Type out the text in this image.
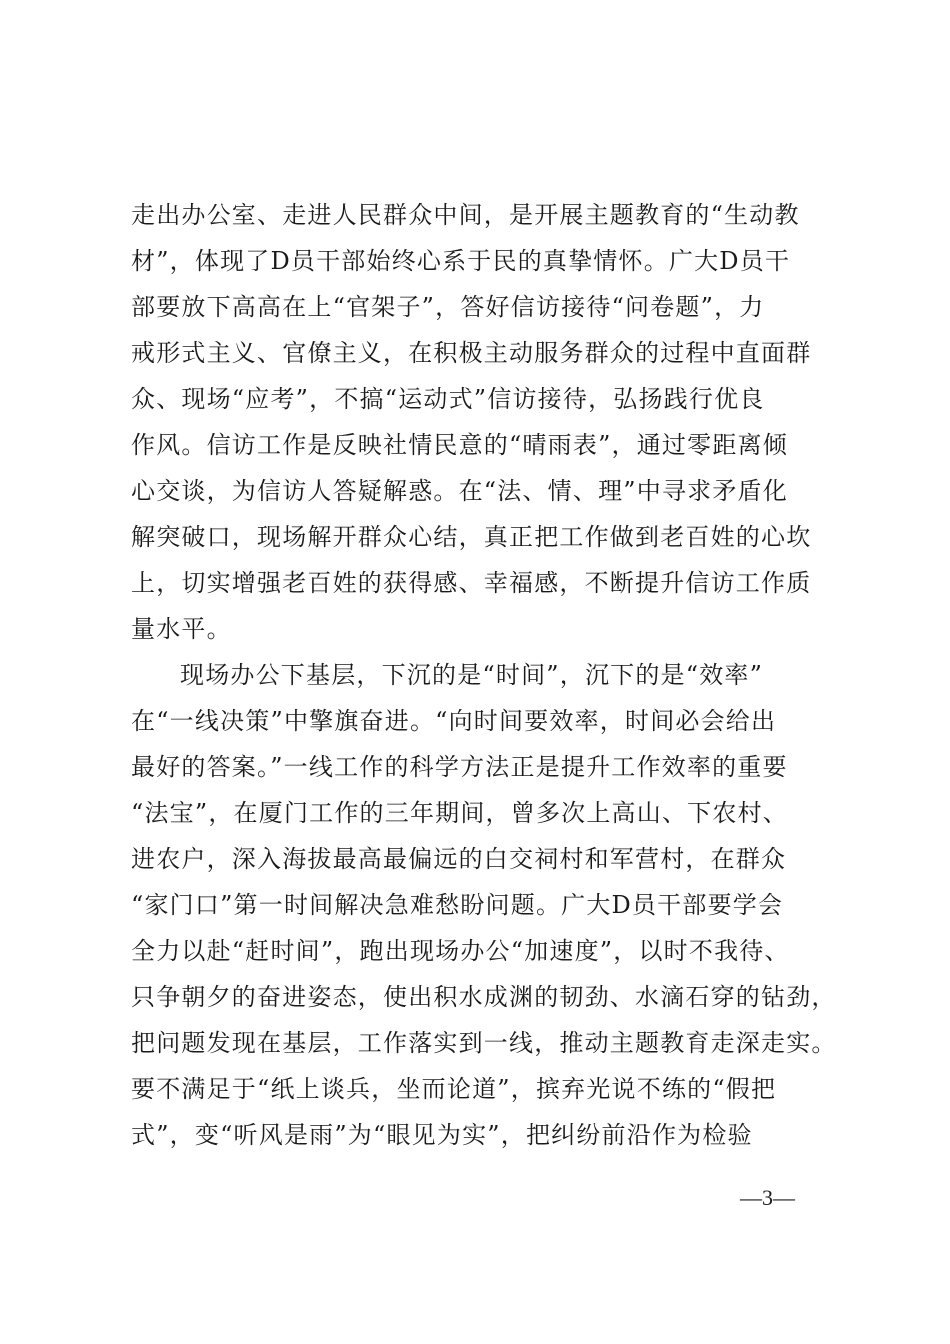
走出办公室、走进人民群众中间，是开展主题教育的“生动教
材”，体现了D员干部始终心系于民的真挚情怀。广大D员干
部要放下高高在上“官架子”，答好信访接待“问卷题”，力
戒形式主义、官僚主义，在积极主动服务群众的过程中直面群
众、现场“应考”，不搞“运动式”信访接待，弘扬践行优良
作风。信访工作是反映社情民意的“晴雨表”，通过零距离倾
心交谈，为信访人答疑解惑。在“法、情、理”中寻求矛盾化
解突破口，现场解开群众心结，真正把工作做到老百姓的心坎
上，切实增强老百姓的获得感、幸福感，不断提升信访工作质
量水平。
现场办公下基层，下沉的是“时间”，沉下的是“效率”
在“一线决策”中擎旗奋进。“向时间要效率，时间必会给出
最好的答案。”一线工作的科学方法正是提升工作效率的重要
“法宝”，在厦门工作的三年期间，曾多次上高山、下农村、
进农户，深入海拔最高最偏远的白交祠村和军营村，在群众
“家门口”第一时间解决急难愁盼问题。广大D员干部要学会
全力以赴“赶时间”，跑出现场办公“加速度”，以时不我待、
只争朝夕的奋进姿态，使出积水成渊的韧劲、水滴石穿的钻劲，
把问题发现在基层，工作落实到一线，推动主题教育走深走实。
要不满足于“纸上谈兵，坐而论道”，摈弃光说不练的“假把
式”，变“听风是雨”为“眼见为实”，把纠纷前沿作为检验
—3—
